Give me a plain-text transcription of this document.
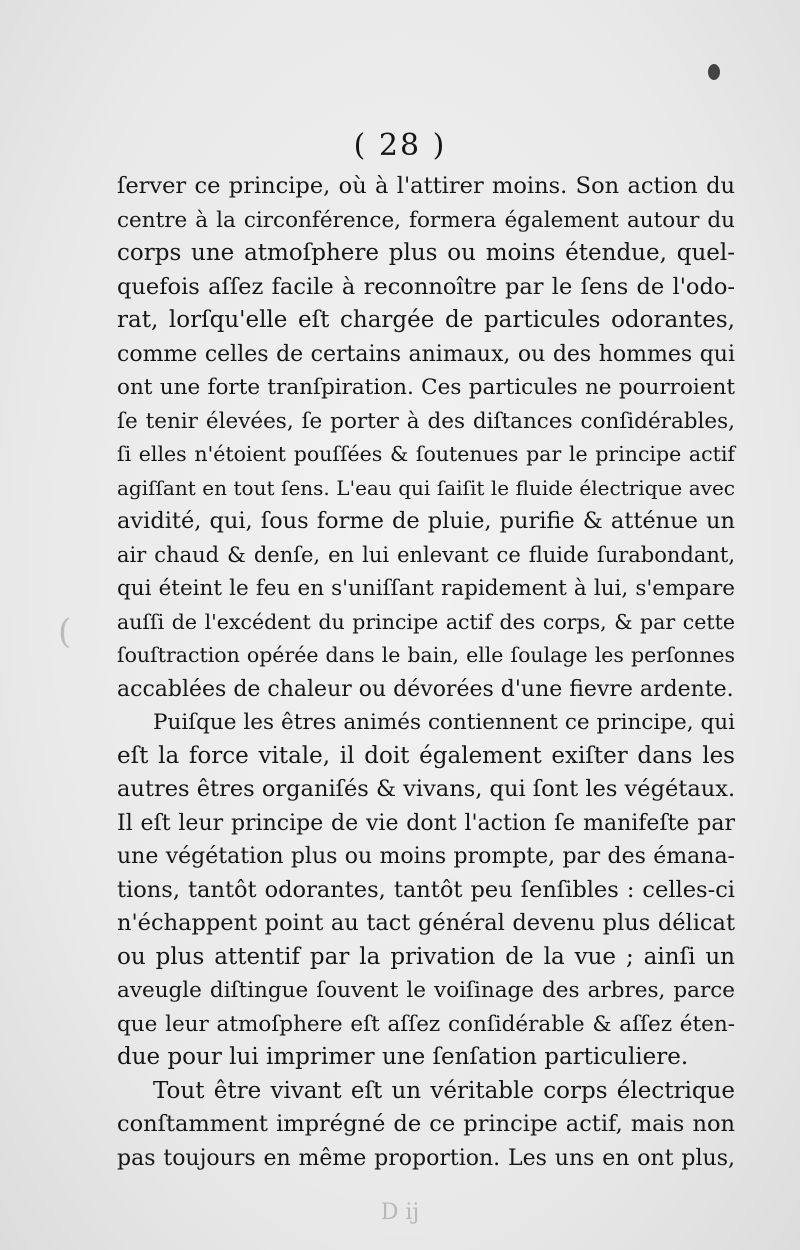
(
( 28 )
ſerver ce principe, où à l'attirer moins. Son action du
centre à la circonférence, formera également autour du
corps une atmoſphere plus ou moins étendue, quel-
quefois aſſez facile à reconnoître par le ſens de l'odo-
rat, lorſqu'elle eſt chargée de particules odorantes,
comme celles de certains animaux, ou des hommes qui
ont une forte tranſpiration. Ces particules ne pourroient
ſe tenir élevées, ſe porter à des diſtances conſidérables,
ſi elles n'étoient pouſſées & ſoutenues par le principe actif
agiſſant en tout ſens. L'eau qui ſaiſit le fluide électrique avec
avidité, qui, ſous forme de pluie, purifie & atténue un
air chaud & denſe, en lui enlevant ce fluide ſurabondant,
qui éteint le feu en s'uniſſant rapidement à lui, s'empare
auſſi de l'excédent du principe actif des corps, & par cette
ſouſtraction opérée dans le bain, elle ſoulage les perſonnes
accablées de chaleur ou dévorées d'une fievre ardente.
Puiſque les êtres animés contiennent ce principe, qui
eſt la force vitale, il doit également exiſter dans les
autres êtres organiſés & vivans, qui ſont les végétaux.
Il eſt leur principe de vie dont l'action ſe manifeſte par
une végétation plus ou moins prompte, par des émana-
tions, tantôt odorantes, tantôt peu ſenſibles : celles-ci
n'échappent point au tact général devenu plus délicat
ou plus attentif par la privation de la vue ; ainſi un
aveugle diſtingue ſouvent le voiſinage des arbres, parce
que leur atmoſphere eſt aſſez conſidérable & aſſez éten-
due pour lui imprimer une ſenſation particuliere.
Tout être vivant eſt un véritable corps électrique
conſtamment imprégné de ce principe actif, mais non
pas toujours en même proportion. Les uns en ont plus,
D ij
